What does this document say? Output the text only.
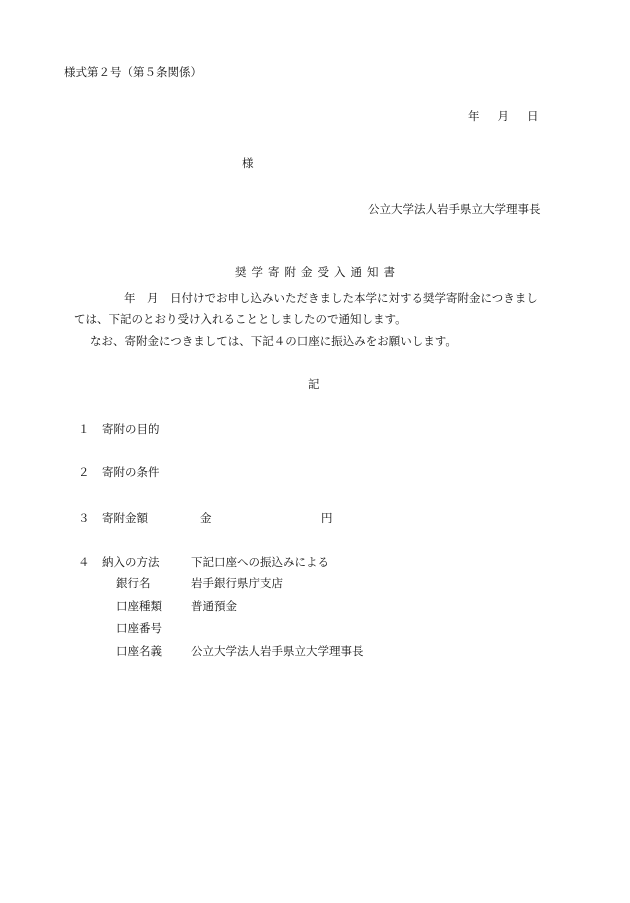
様式第２号（第５条関係）
年 月 日
様
公立大学法人岩手県立大学理事長
奨学寄附金受入通知書
年　月　日付けでお申し込みいただきました本学に対する奨学寄附金につきまし
ては、下記のとおり受け入れることとしましたので通知します。
なお、寄附金につきましては、下記４の口座に振込みをお願いします。
記
１ 寄附の目的
２ 寄附の条件
３ 寄附金額	金	円
４ 納入の方法	下記口座への振込みによる
銀行名	岩手銀行県庁支店
口座種類	普通預金
口座番号
口座名義	公立大学法人岩手県立大学理事長
